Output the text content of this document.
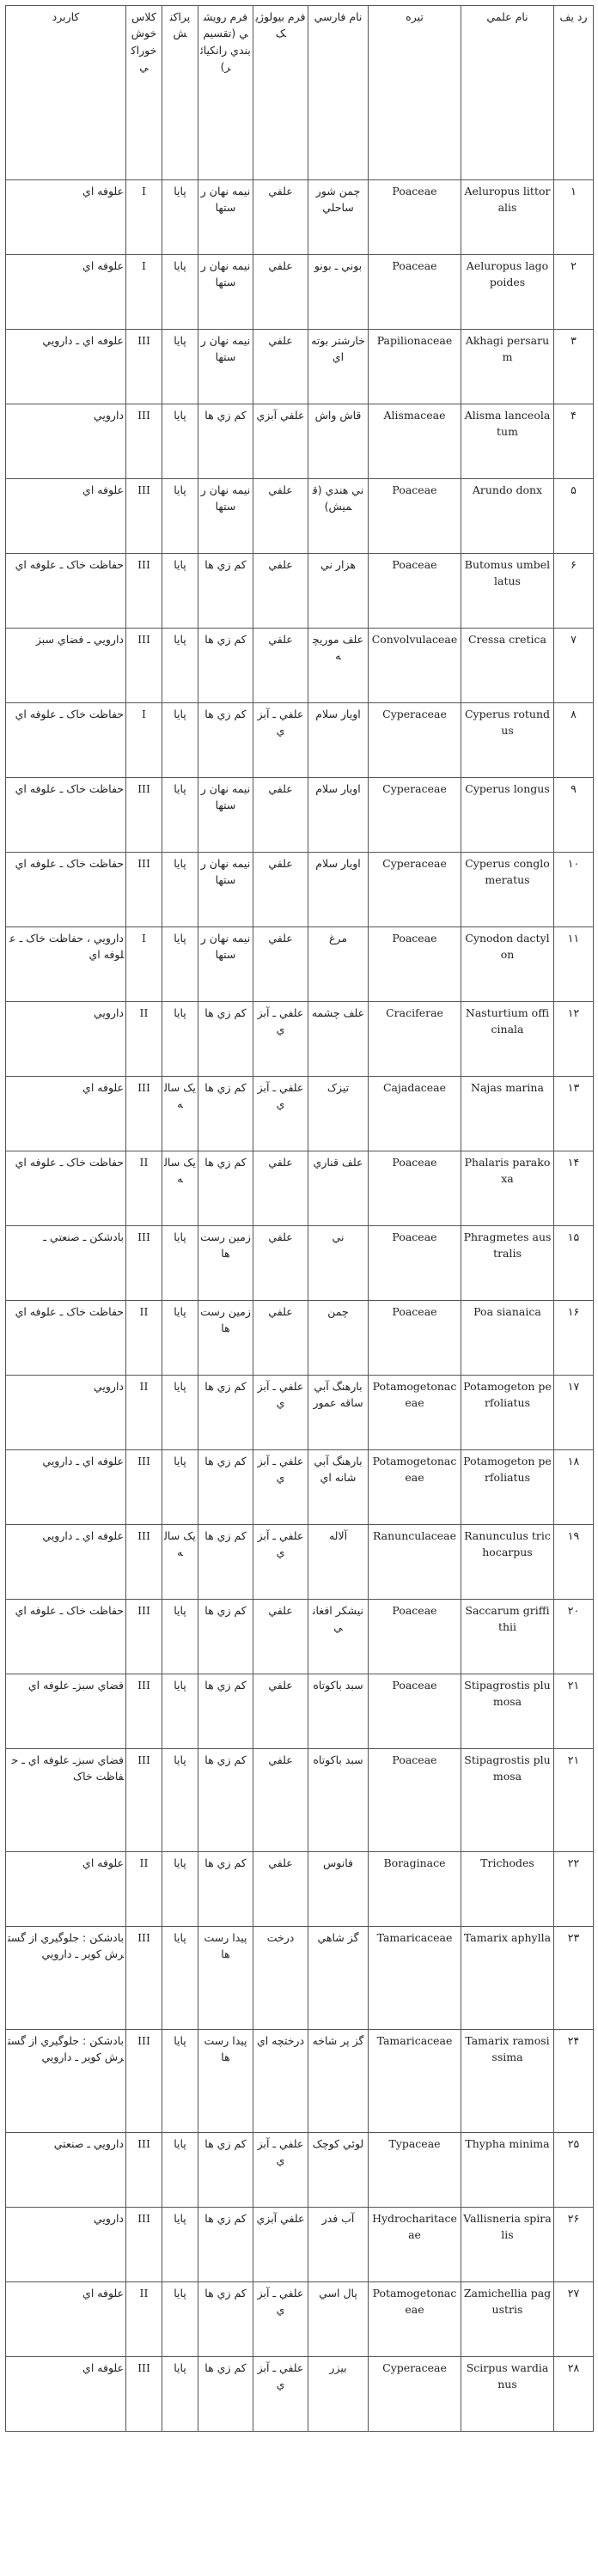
رد یف	نام علمي	تیره	نام فارسي	فرم بیولوژیک	فرم رویشي (تقسیم بندي رانکیائر)	پراکنش	کلاس خوش خوراکي	کاربرد
۱	Aeluropus littoralis	Poaceae	چمن شور ساحلي	علفي	نیمه نهان رستها	پایا	I	علوفه اي
۲	Aeluropus lagopoides	Poaceae	بوني ـ بونو	علفي	نیمه نهان رستها	پایا	I	علوفه اي
۳	Akhagi persarum	Papilionaceae	خارشتر بوته اي	علفي	نیمه نهان رستها	پایا	III	علوفه اي ـ دارويي
۴	Alisma lanceolatum	Alismaceae	قاش واش	علفي آبزي	کم زي ها	پایا	III	دارويي
۵	Arundo donx	Poaceae	ني هندي (قمیش)	علفي	نیمه نهان رستها	پایا	III	علوفه اي
۶	Butomus umbellatus	Poaceae	هزار ني	علفي	کم زي ها	پایا	III	حفاظت خاک ـ علوفه اي
۷	Cressa cretica	Convolvulaceae	علف موريچه	علفي	کم زي ها	پایا	III	دارويي ـ فضاي سبز
۸	Cyperus rotundus	Cyperaceae	اويار سلام	علفي ـ آبزي	کم زي ها	پایا	I	حفاظت خاک ـ علوفه اي
۹	Cyperus longus	Cyperaceae	اويار سلام	علفي	نیمه نهان رستها	پایا	III	حفاظت خاک ـ علوفه اي
۱۰	Cyperus conglomeratus	Cyperaceae	اويار سلام	علفي	نیمه نهان رستها	پایا	III	حفاظت خاک ـ علوفه اي
۱۱	Cynodon dactylon	Poaceae	مرغ	علفي	نیمه نهان رستها	پایا	I	دارويي ، حفاظت خاک ـ علوفه اي
۱۲	Nasturtium officinala	Craciferae	علف چشمه	علفي ـ آبزي	کم زي ها	پایا	II	دارويي
۱۳	Najas marina	Cajadaceae	تیزک	علفي ـ آبزي	کم زي ها	یک ساله	III	علوفه اي
۱۴	Phalaris parakoxa	Poaceae	علف قناري	علفي	کم زي ها	یک ساله	II	حفاظت خاک ـ علوفه اي
۱۵	Phragmetes australis	Poaceae	ني	علفي	زمین رست ها	پایا	III	بادشکن ـ صنعتي ـ
۱۶	Poa sianaica	Poaceae	چمن	علفي	زمین رست ها	پایا	II	حفاظت خاک ـ علوفه اي
۱۷	Potamogeton perfoliatus	Potamogetonaceae	بارهنگ آبي ساقه عمور	علفي ـ آبزي	کم زي ها	پایا	II	دارويي
۱۸	Potamogeton perfoliatus	Potamogetonaceae	بارهنگ آبي شانه اي	علفي ـ آبزي	کم زي ها	پایا	III	علوفه اي ـ دارويي
۱۹	Ranunculus trichocarpus	Ranunculaceae	آلاله	علفي ـ آبزي	کم زي ها	یک ساله	III	علوفه اي ـ دارويي
۲۰	Saccarum griffithii	Poaceae	نیشکر افغاني	علفي	کم زي ها	پایا	III	حفاظت خاک ـ علوفه اي
۲۱	Stipagrostis plumosa	Poaceae	سبد باکوتاه	علفي	کم زي ها	پایا	III	فضاي سبزـ علوفه اي
۲۱	Stipagrostis plumosa	Poaceae	سبد باکوتاه	علفي	کم زي ها	پایا	III	فضاي سبزـ علوفه اي ـ حفاظت خاک
۲۲	Trichodes	Boraginace	فانوس	علفي	کم زي ها	پایا	II	علوفه اي
۲۳	Tamarix aphylla	Tamaricaceae	گز شاهي	درخت	پیدا رست ها	پایا	III	بادشکن : جلوگیري از گسترش کویر ـ دارويي
۲۴	Tamarix ramosissima	Tamaricaceae	گز پر شاخه	درختچه اي	پیدا رست ها	پایا	III	بادشکن : جلوگیري از گسترش کویر ـ دارويي
۲۵	Thypha minima	Typaceae	لوئي کوچک	علفي ـ آبزي	کم زي ها	پایا	III	دارويي ـ صنعتي
۲۶	Vallisneria spiralis	Hydrocharitaceae	آب فدر	علفي آبزي	کم زي ها	پایا	III	دارويي
۲۷	Zamichellia pagustris	Potamogetonaceae	پال اسي	علفي ـ آبزي	کم زي ها	پایا	II	علوفه اي
۲۸	Scirpus wardianus	Cyperaceae	بیزر	علفي ـ آبزي	کم زي ها	پایا	III	علوفه اي
